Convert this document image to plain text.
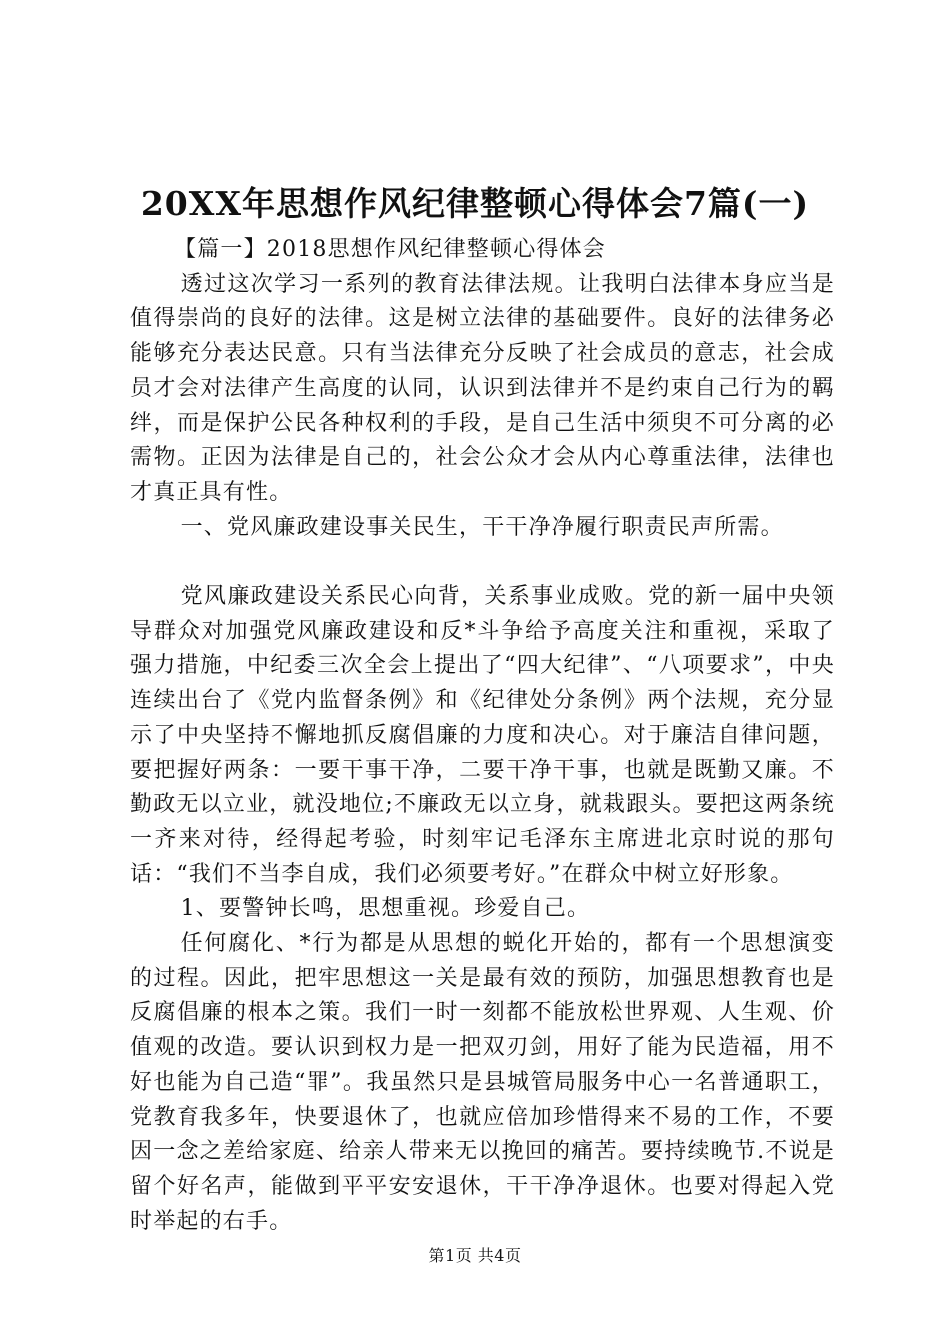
20XX年思想作风纪律整顿心得体会7篇(一)

【篇一】2018思想作风纪律整顿心得体会

透过这次学习一系列的教育法律法规。让我明白法律本身应当是值得崇尚的良好的法律。这是树立法律的基础要件。良好的法律务必能够充分表达民意。只有当法律充分反映了社会成员的意志，社会成员才会对法律产生高度的认同，认识到法律并不是约束自己行为的羁绊，而是保护公民各种权利的手段，是自己生活中须臾不可分离的必需物。正因为法律是自己的，社会公众才会从内心尊重法律，法律也才真正具有性。

一、党风廉政建设事关民生，干干净净履行职责民声所需。

党风廉政建设关系民心向背，关系事业成败。党的新一届中央领导群众对加强党风廉政建设和反*斗争给予高度关注和重视，采取了强力措施，中纪委三次全会上提出了“四大纪律”、“八项要求”，中央连续出台了《党内监督条例》和《纪律处分条例》两个法规，充分显示了中央坚持不懈地抓反腐倡廉的力度和决心。对于廉洁自律问题，要把握好两条：一要干事干净，二要干净干事，也就是既勤又廉。不勤政无以立业，就没地位;不廉政无以立身，就栽跟头。要把这两条统一齐来对待，经得起考验，时刻牢记毛泽东主席进北京时说的那句话：“我们不当李自成，我们必须要考好。”在群众中树立好形象。

1、要警钟长鸣，思想重视。珍爱自己。

任何腐化、*行为都是从思想的蜕化开始的，都有一个思想演变的过程。因此，把牢思想这一关是最有效的预防，加强思想教育也是反腐倡廉的根本之策。我们一时一刻都不能放松世界观、人生观、价值观的改造。要认识到权力是一把双刃剑，用好了能为民造福，用不好也能为自己造“罪”。我虽然只是县城管局服务中心一名普通职工，党教育我多年，快要退休了，也就应倍加珍惜得来不易的工作，不要因一念之差给家庭、给亲人带来无以挽回的痛苦。要持续晚节.不说是留个好名声，能做到平平安安退休，干干净净退休。也要对得起入党时举起的右手。

第1页 共4页
